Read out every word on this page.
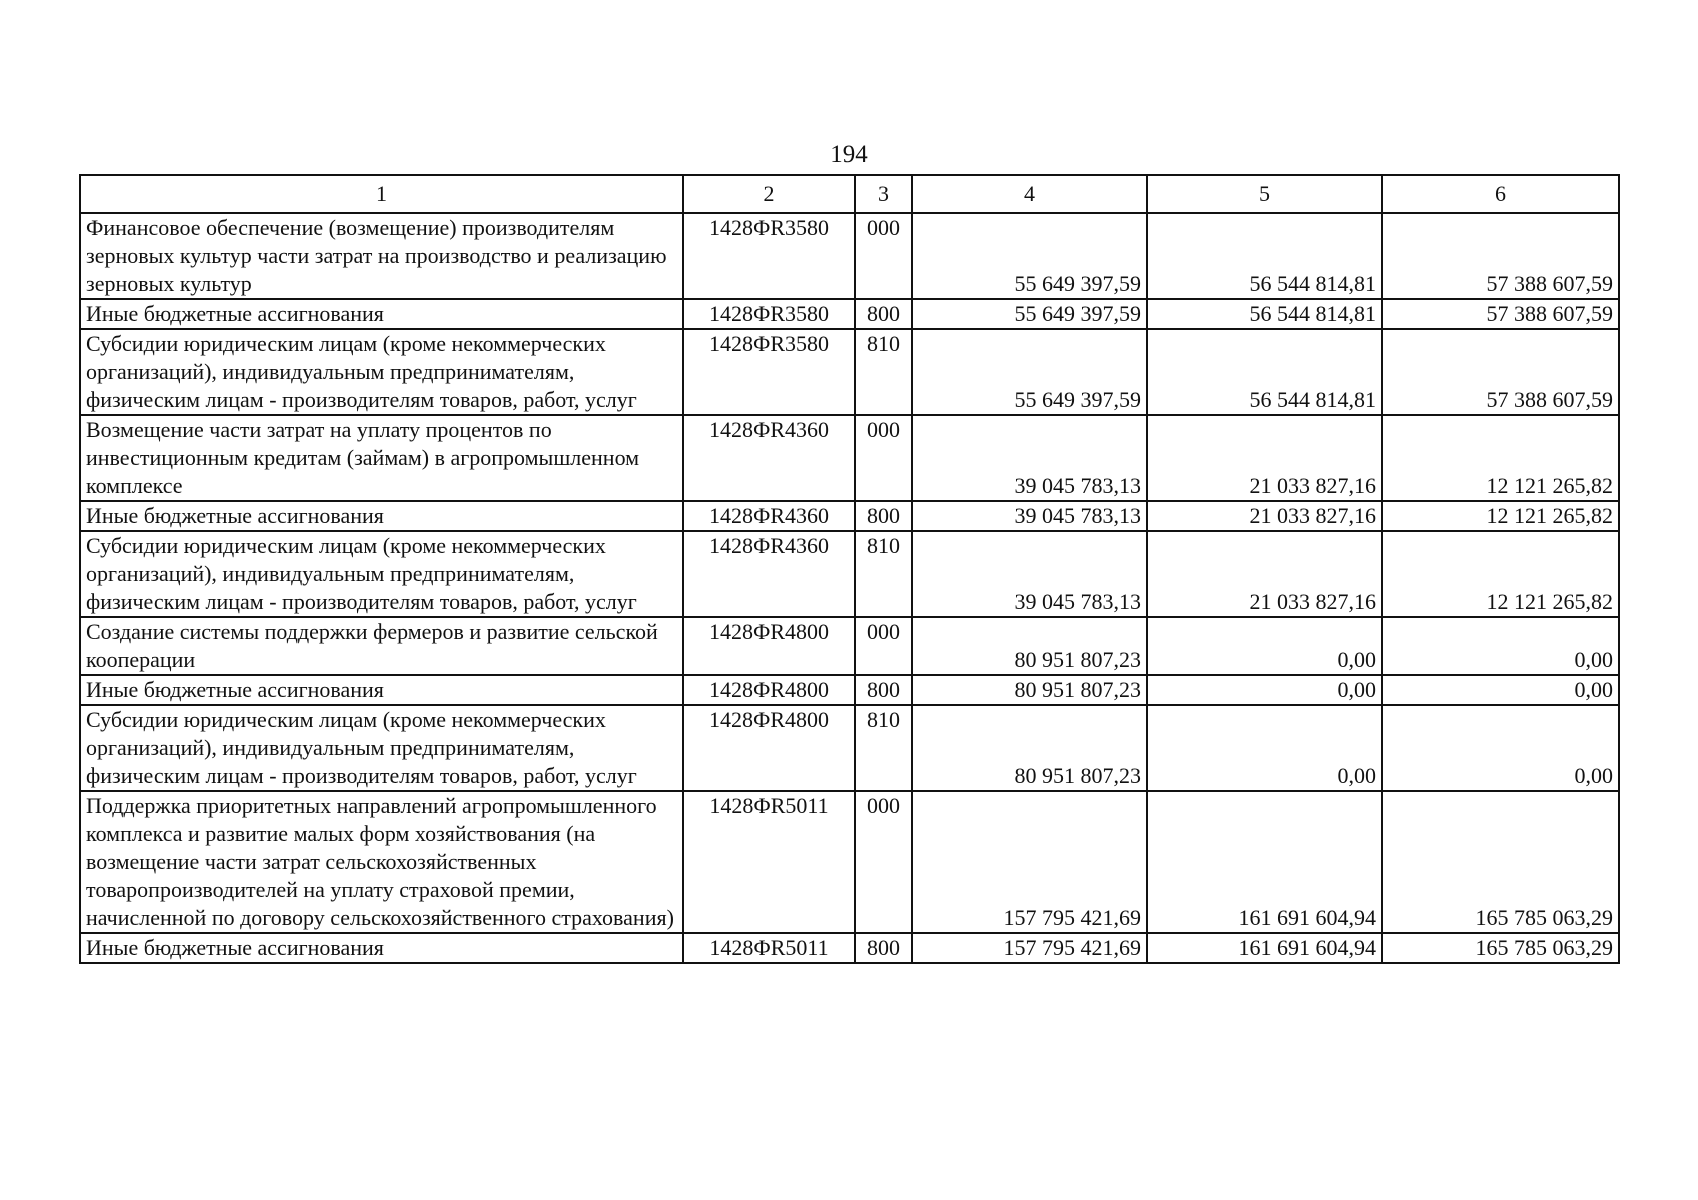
194
1	2	3	4	5	6
Финансовое обеспечение (возмещение) производителям зерновых культур части затрат на производство и реализацию зерновых культур	1428ФR3580	000	55 649 397,59	56 544 814,81	57 388 607,59
Иные бюджетные ассигнования	1428ФR3580	800	55 649 397,59	56 544 814,81	57 388 607,59
Субсидии юридическим лицам (кроме некоммерческих организаций), индивидуальным предпринимателям, физическим лицам - производителям товаров, работ, услуг	1428ФR3580	810	55 649 397,59	56 544 814,81	57 388 607,59
Возмещение части затрат на уплату процентов по инвестиционным кредитам (займам) в агропромышленном комплексе	1428ФR4360	000	39 045 783,13	21 033 827,16	12 121 265,82
Иные бюджетные ассигнования	1428ФR4360	800	39 045 783,13	21 033 827,16	12 121 265,82
Субсидии юридическим лицам (кроме некоммерческих организаций), индивидуальным предпринимателям, физическим лицам - производителям товаров, работ, услуг	1428ФR4360	810	39 045 783,13	21 033 827,16	12 121 265,82
Создание системы поддержки фермеров и развитие сельской кооперации	1428ФR4800	000	80 951 807,23	0,00	0,00
Иные бюджетные ассигнования	1428ФR4800	800	80 951 807,23	0,00	0,00
Субсидии юридическим лицам (кроме некоммерческих организаций), индивидуальным предпринимателям, физическим лицам - производителям товаров, работ, услуг	1428ФR4800	810	80 951 807,23	0,00	0,00
Поддержка приоритетных направлений агропромышленного комплекса и развитие малых форм хозяйствования (на возмещение части затрат сельскохозяйственных товаропроизводителей на уплату страховой премии, начисленной по договору сельскохозяйственного страхования)	1428ФR5011	000	157 795 421,69	161 691 604,94	165 785 063,29
Иные бюджетные ассигнования	1428ФR5011	800	157 795 421,69	161 691 604,94	165 785 063,29
